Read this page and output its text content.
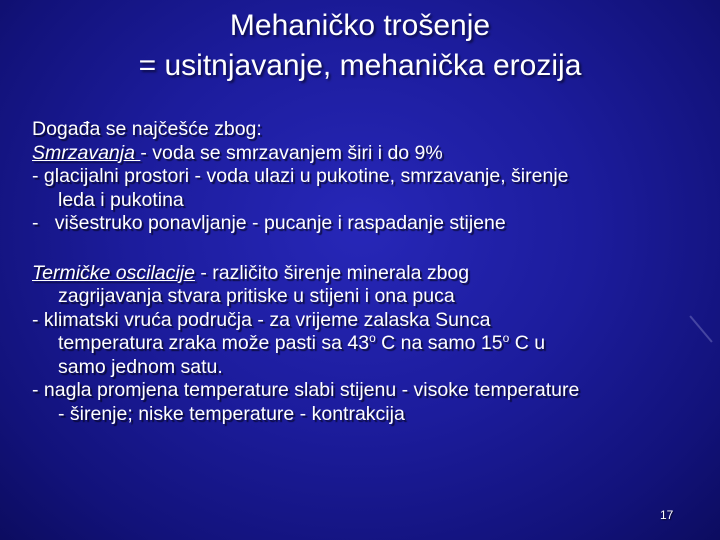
Mehaničko trošenje
= usitnjavanje, mehanička erozija

Događa se najčešće zbog:

Smrzavanja - voda se smrzavanjem širi i do 9%

- glacijalni prostori - voda ulazi u pukotine, smrzavanje, širenje

leda i pukotina

- višestruko ponavljanje - pucanje i raspadanje stijene

Termičke oscilacije - različito širenje minerala zbog

zagrijavanja stvara pritiske u stijeni i ona puca

- klimatski vruća područja - za vrijeme zalaska Sunca

temperatura zraka može pasti sa 43$^o$ C na samo 15$^o$ C u

samo jednom satu.

- nagla promjena temperature slabi stijenu - visoke temperature

- širenje; niske temperature - kontrakcija

17
